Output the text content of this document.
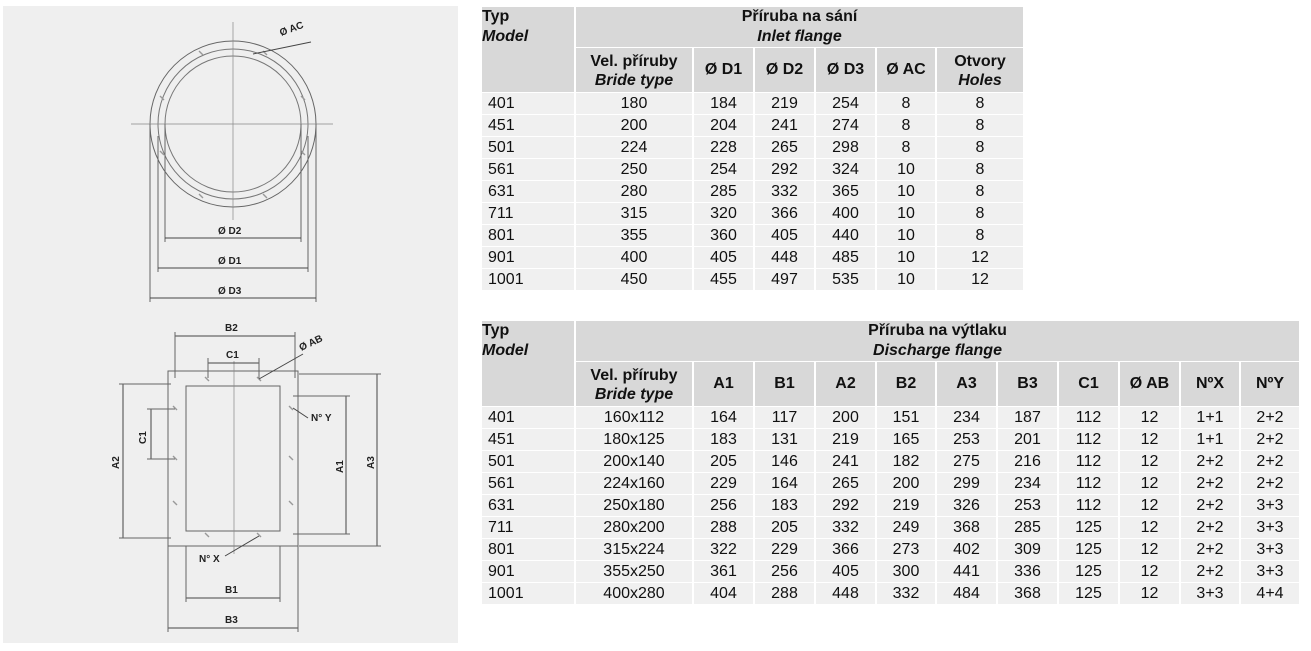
Ø D2
Ø D1
Ø D3
Ø AC
B2
C1
Ø AB
N° Y
N° X
B1
B3
C1
A2	A1 A3
Typ
Model	Příruba na sání
Inlet flange					

	Vel. příruby
Bride type	Ø D1	Ø D2	Ø D3	Ø AC	Otvory
Holes

401	180	184	219	254	8	8
451	200	204	241	274	8	8
501	224	228	265	298	8	8
561	250	254	292	324	10	8
631	280	285	332	365	10	8
711	315	320	366	400	10	8
801	355	360	405	440	10	8
901	400	405	448	485	10	12
1001	450	455	497	535	10	12
Typ
Model	Příruba na výtlaku
Discharge flange										

	Vel. příruby
Bride type	A1	B1	A2	B2	A3	B3	C1	Ø AB	NºX	NºY
401	160x112	164	117	200	151	234	187	112	12	1+1	2+2
451	180x125	183	131	219	165	253	201	112	12	1+1	2+2
501	200x140	205	146	241	182	275	216	112	12	2+2	2+2
561	224x160	229	164	265	200	299	234	112	12	2+2	2+2
631	250x180	256	183	292	219	326	253	112	12	2+2	3+3
711	280x200	288	205	332	249	368	285	125	12	2+2	3+3
801	315x224	322	229	366	273	402	309	125	12	2+2	3+3
901	355x250	361	256	405	300	441	336	125	12	2+2	3+3
1001	400x280	404	288	448	332	484	368	125	12	3+3	4+4
